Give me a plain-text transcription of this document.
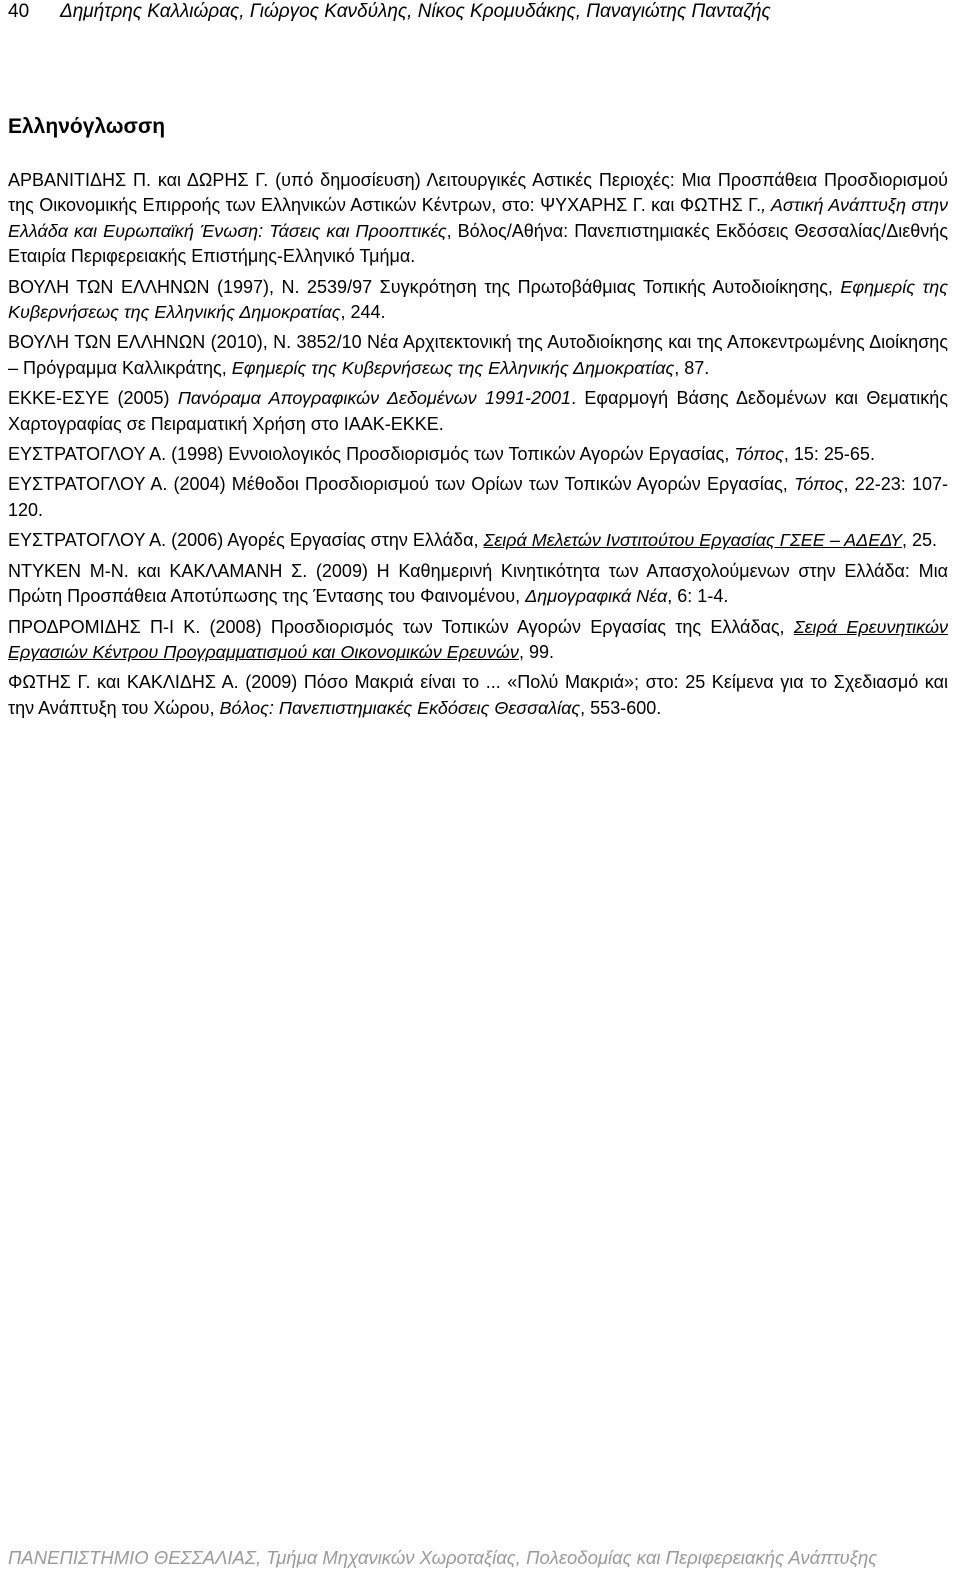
40 Δημήτρης Καλλιώρας, Γιώργος Κανδύλης, Νίκος Κρομυδάκης, Παναγιώτης Πανταζής
Ελληνόγλωσση

ΑΡΒΑΝΙΤΙΔΗΣ Π. και ΔΩΡΗΣ Γ. (υπό δημοσίευση) Λειτουργικές Αστικές Περιοχές: Μια Προσπάθεια Προσδιορισμού της Οικονομικής Επιρροής των Ελληνικών Αστικών Κέντρων, στο: ΨΥΧΑΡΗΣ Γ. και ΦΩΤΗΣ Γ., Αστική Ανάπτυξη στην Ελλάδα και Ευρωπαϊκή Ένωση: Τάσεις και Προοπτικές, Βόλος/Αθήνα: Πανεπιστημιακές Εκδόσεις Θεσσαλίας/Διεθνής Εταιρία Περιφερειακής Επιστήμης-Ελληνικό Τμήμα.

ΒΟΥΛΗ ΤΩΝ ΕΛΛΗΝΩΝ (1997), Ν. 2539/97 Συγκρότηση της Πρωτοβάθμιας Τοπικής Αυτοδιοίκησης, Εφημερίς της Κυβερνήσεως της Ελληνικής Δημοκρατίας, 244.

ΒΟΥΛΗ ΤΩΝ ΕΛΛΗΝΩΝ (2010), Ν. 3852/10 Νέα Αρχιτεκτονική της Αυτοδιοίκησης και της Αποκεντρωμένης Διοίκησης – Πρόγραμμα Καλλικράτης, Εφημερίς της Κυβερνήσεως της Ελληνικής Δημοκρατίας, 87.

ΕΚΚΕ-ΕΣΥΕ (2005) Πανόραμα Απογραφικών Δεδομένων 1991-2001. Εφαρμογή Βάσης Δεδομένων και Θεματικής Χαρτογραφίας σε Πειραματική Χρήση στο ΙΑΑΚ-ΕΚΚΕ.

ΕΥΣΤΡΑΤΟΓΛΟΥ Α. (1998) Εννοιολογικός Προσδιορισμός των Τοπικών Αγορών Εργασίας, Τόπος, 15: 25-65.

ΕΥΣΤΡΑΤΟΓΛΟΥ Α. (2004) Μέθοδοι Προσδιορισμού των Ορίων των Τοπικών Αγορών Εργασίας, Τόπος, 22-23: 107-120.

ΕΥΣΤΡΑΤΟΓΛΟΥ Α. (2006) Αγορές Εργασίας στην Ελλάδα, Σειρά Μελετών Ινστιτούτου Εργασίας ΓΣΕΕ – ΑΔΕΔΥ, 25.

ΝΤΥΚΕΝ Μ-Ν. και ΚΑΚΛΑΜΑΝΗ Σ. (2009) Η Καθημερινή Κινητικότητα των Απασχολούμενων στην Ελλάδα: Μια Πρώτη Προσπάθεια Αποτύπωσης της Έντασης του Φαινομένου, Δημογραφικά Νέα, 6: 1-4.

ΠΡΟΔΡΟΜΙΔΗΣ Π-Ι Κ. (2008) Προσδιορισμός των Τοπικών Αγορών Εργασίας της Ελλάδας, Σειρά Ερευνητικών Εργασιών Κέντρου Προγραμματισμού και Οικονομικών Ερευνών, 99.

ΦΩΤΗΣ Γ. και ΚΑΚΛΙΔΗΣ Α. (2009) Πόσο Μακριά είναι το ... «Πολύ Μακριά»; στο: 25 Κείμενα για το Σχεδιασμό και την Ανάπτυξη του Χώρου, Βόλος: Πανεπιστημιακές Εκδόσεις Θεσσαλίας, 553-600.

ΠΑΝΕΠΙΣΤΗΜΙΟ ΘΕΣΣΑΛΙΑΣ, Τμήμα Μηχανικών Χωροταξίας, Πολεοδομίας και Περιφερειακής Ανάπτυξης
